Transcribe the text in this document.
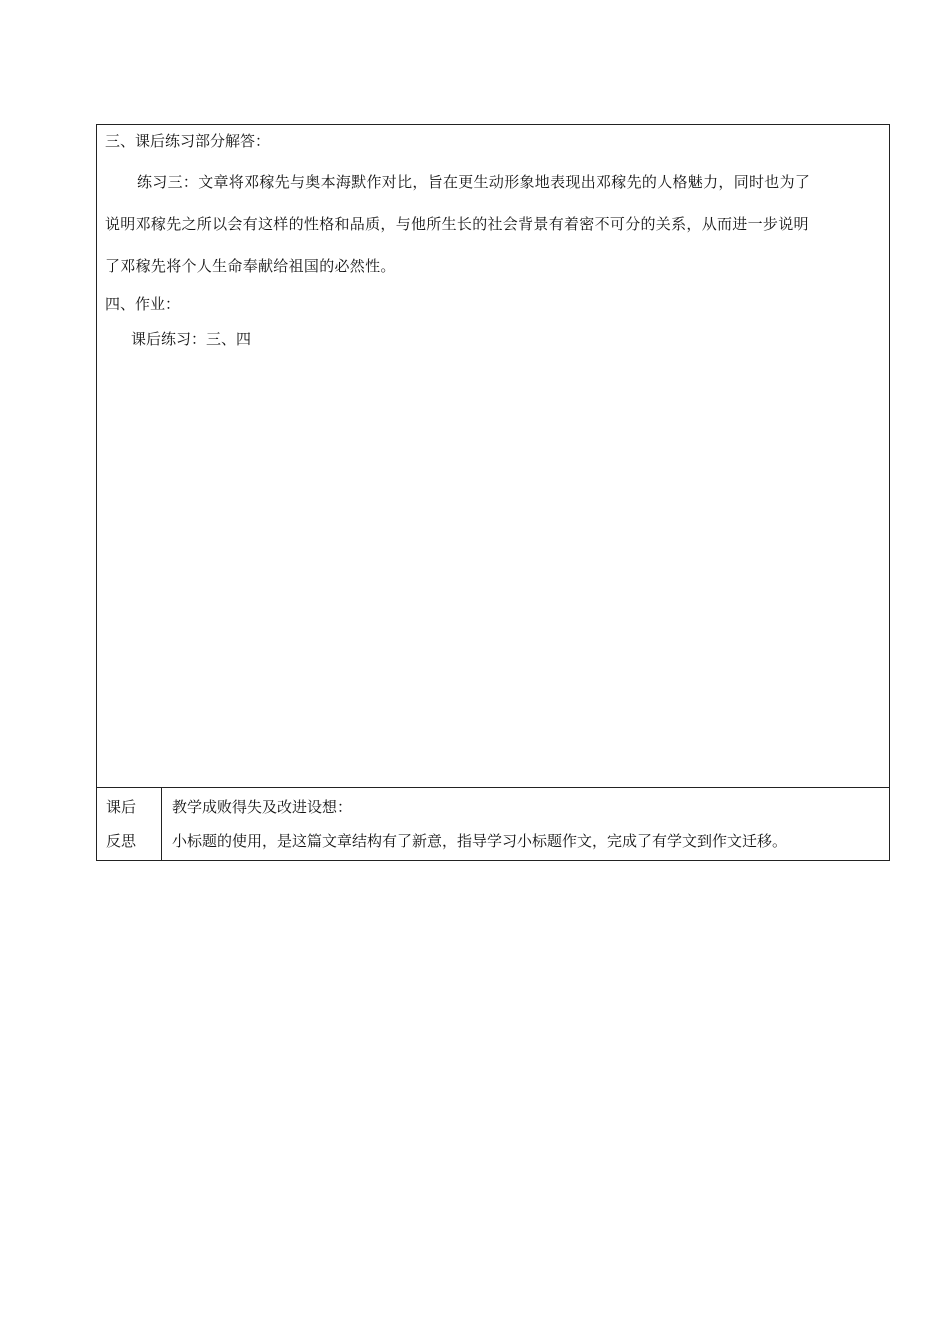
三、课后练习部分解答：
练习三：文章将邓稼先与奥本海默作对比，旨在更生动形象地表现出邓稼先的人格魅力，同时也为了
说明邓稼先之所以会有这样的性格和品质，与他所生长的社会背景有着密不可分的关系，从而进一步说明
了邓稼先将个人生命奉献给祖国的必然性。
四、作业：
课后练习：三、四

课后
反思

教学成败得失及改进设想：
小标题的使用，是这篇文章结构有了新意，指导学习小标题作文，完成了有学文到作文迁移。
